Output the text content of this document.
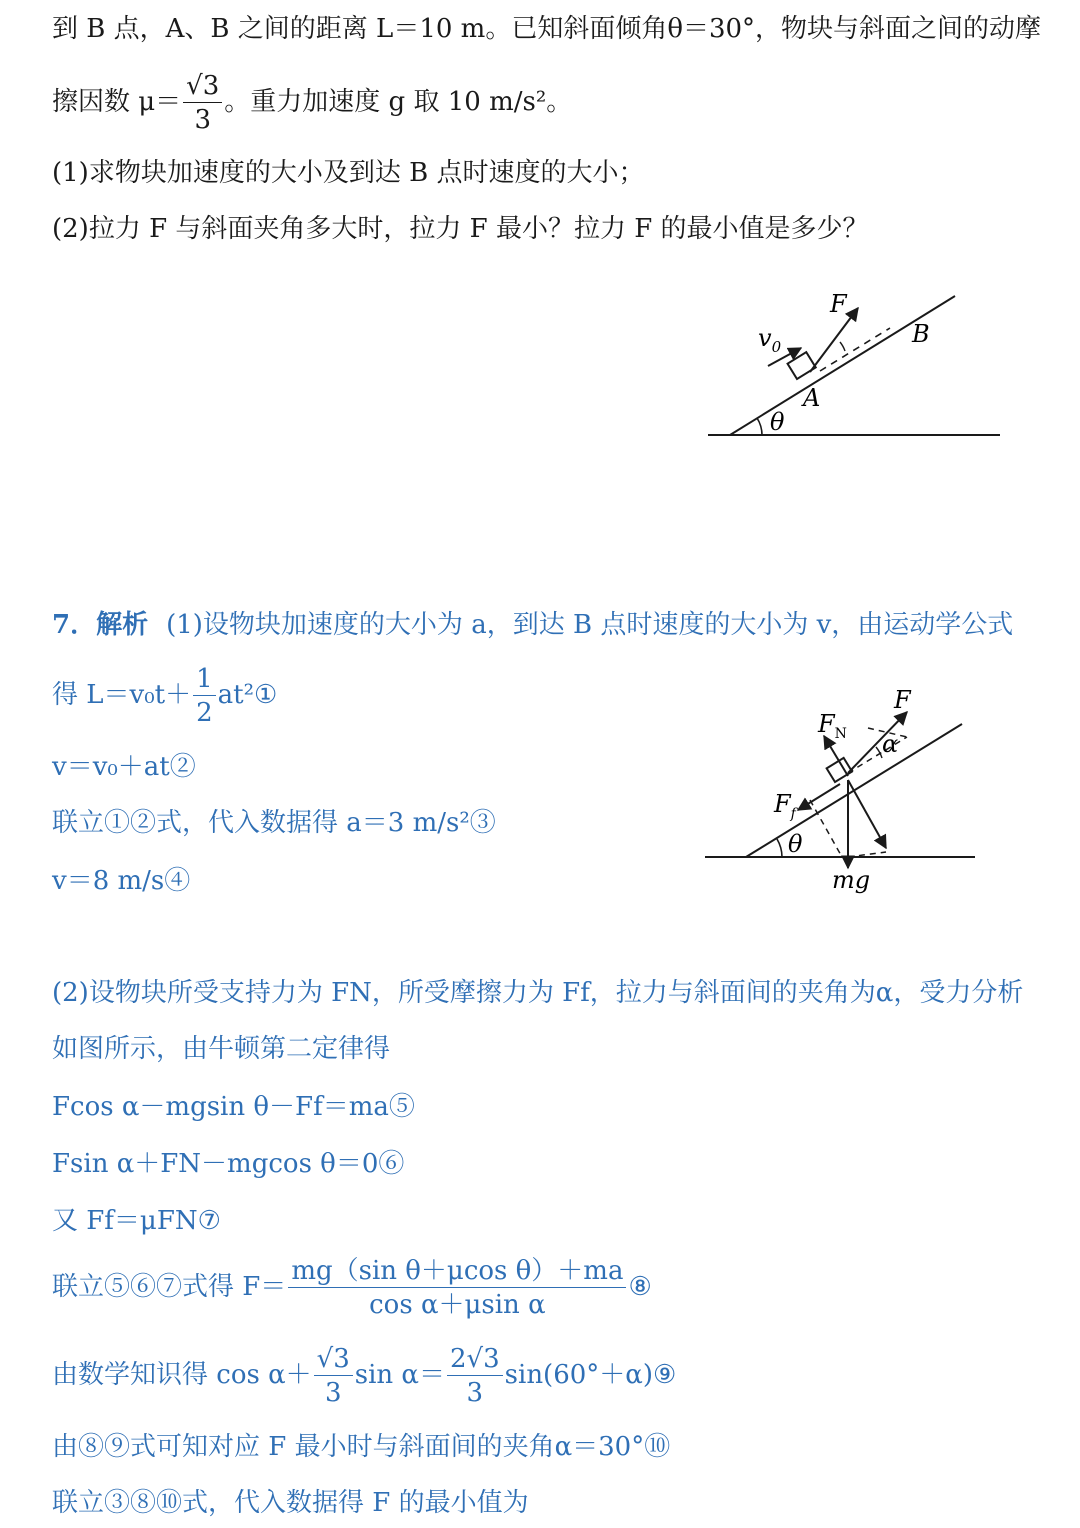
到 B 点，A、B 之间的距离 L＝10 m。已知斜面倾角θ＝30°，物块与斜面之间的动摩
擦因数 $\mu= \frac{√3}{3}$ 。重力加速度 g 取 10 m/s²。
(1)求物块加速度的大小及到达 B 点时速度的大小；
(2)拉力 F 与斜面夹角多大时，拉力 F 最小？拉力 F 的最小值是多少？
F
$v_0$	B
A
θ
7．解析 (1)设物块加速度的大小为 a，到达 B 点时速度的大小为 v，由运动学公式
得 $L=v_0t+ \frac{1}{2}$ at²①
v＝v₀＋at②
联立①②式，代入数据得 a＝3 m/s²③
v＝8 m/s④
F
$F_N$ α
$F_f$
θ
mg
(2)设物块所受支持力为 FN，所受摩擦力为 Ff，拉力与斜面间的夹角为α，受力分析
如图所示，由牛顿第二定律得
Fcos α－mgsin θ－Ff＝ma⑤
Fsin α＋FN－mgcos θ＝0⑥
又 Ff＝μFN⑦
联立⑤⑥⑦式得 $F= \frac{\text{mg（sin θ＋μcos θ）＋ma}}{\text{cos α＋μsin α}}$ ⑧
由数学知识得 $\cos \alpha+ \frac{√3}{3}$ $\sin \alpha= \frac{2√3}{3}$ sin(60°＋α)⑨
由⑧⑨式可知对应 F 最小时与斜面间的夹角α＝30°⑩
联立③⑧⑩式，代入数据得 F 的最小值为
